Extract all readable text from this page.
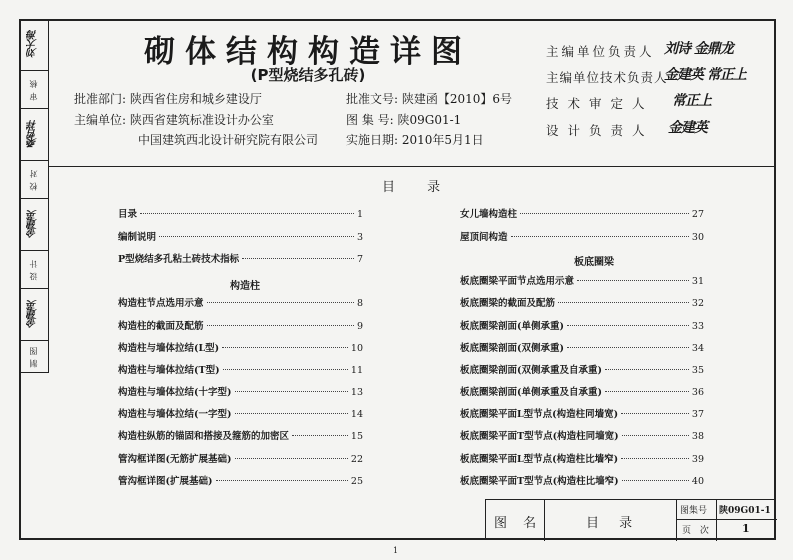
刘大海
审 核
桑哲祥
校 对
金建英
设 计
金建英
制 图
砌体结构构造详图
(P型烧结多孔砖)
批准部门: 陕西省住房和城乡建设厅
主编单位: 陕西省建筑标准设计办公室
中国建筑西北设计研究院有限公司
批准文号: 陕建函【2010】6号
图 集 号: 陕09G01-1
实施日期: 2010年5月1日
主编单位负责人 刘诗 金鼎龙
主编单位技术负责人
金建英 常正上
技术审定人 常正上
设计负责人 金建英
目 录
目录	1
编制说明	3
P型烧结多孔粘土砖技术指标	7
构造柱
构造柱节点选用示意	8
构造柱的截面及配筋	9
构造柱与墙体拉结(L型)	10
构造柱与墙体拉结(T型)	11
构造柱与墙体拉结(十字型)	13
构造柱与墙体拉结(一字型)	14
构造柱纵筋的锚固和搭接及箍筋的加密区	15
管沟框详图(无筋扩展基础)	22
管沟框详图(扩展基础)	25
女儿墙构造柱	27
屋顶间构造	30
板底圈梁
板底圈梁平面节点选用示意	31
板底圈梁的截面及配筋	32
板底圈梁剖面(单侧承重)	33
板底圈梁剖面(双侧承重)	34
板底圈梁剖面(双侧承重及自承重)	35
板底圈梁剖面(单侧承重及自承重)	36
板底圈梁平面L型节点(构造柱同墙宽)	37
板底圈梁平面T型节点(构造柱同墙宽)	38
板底圈梁平面L型节点(构造柱比墙窄)	39
板底圈梁平面T型节点(构造柱比墙窄)	40
图 名	目 录
图集号 陕09G01-1
页 次	1
1
